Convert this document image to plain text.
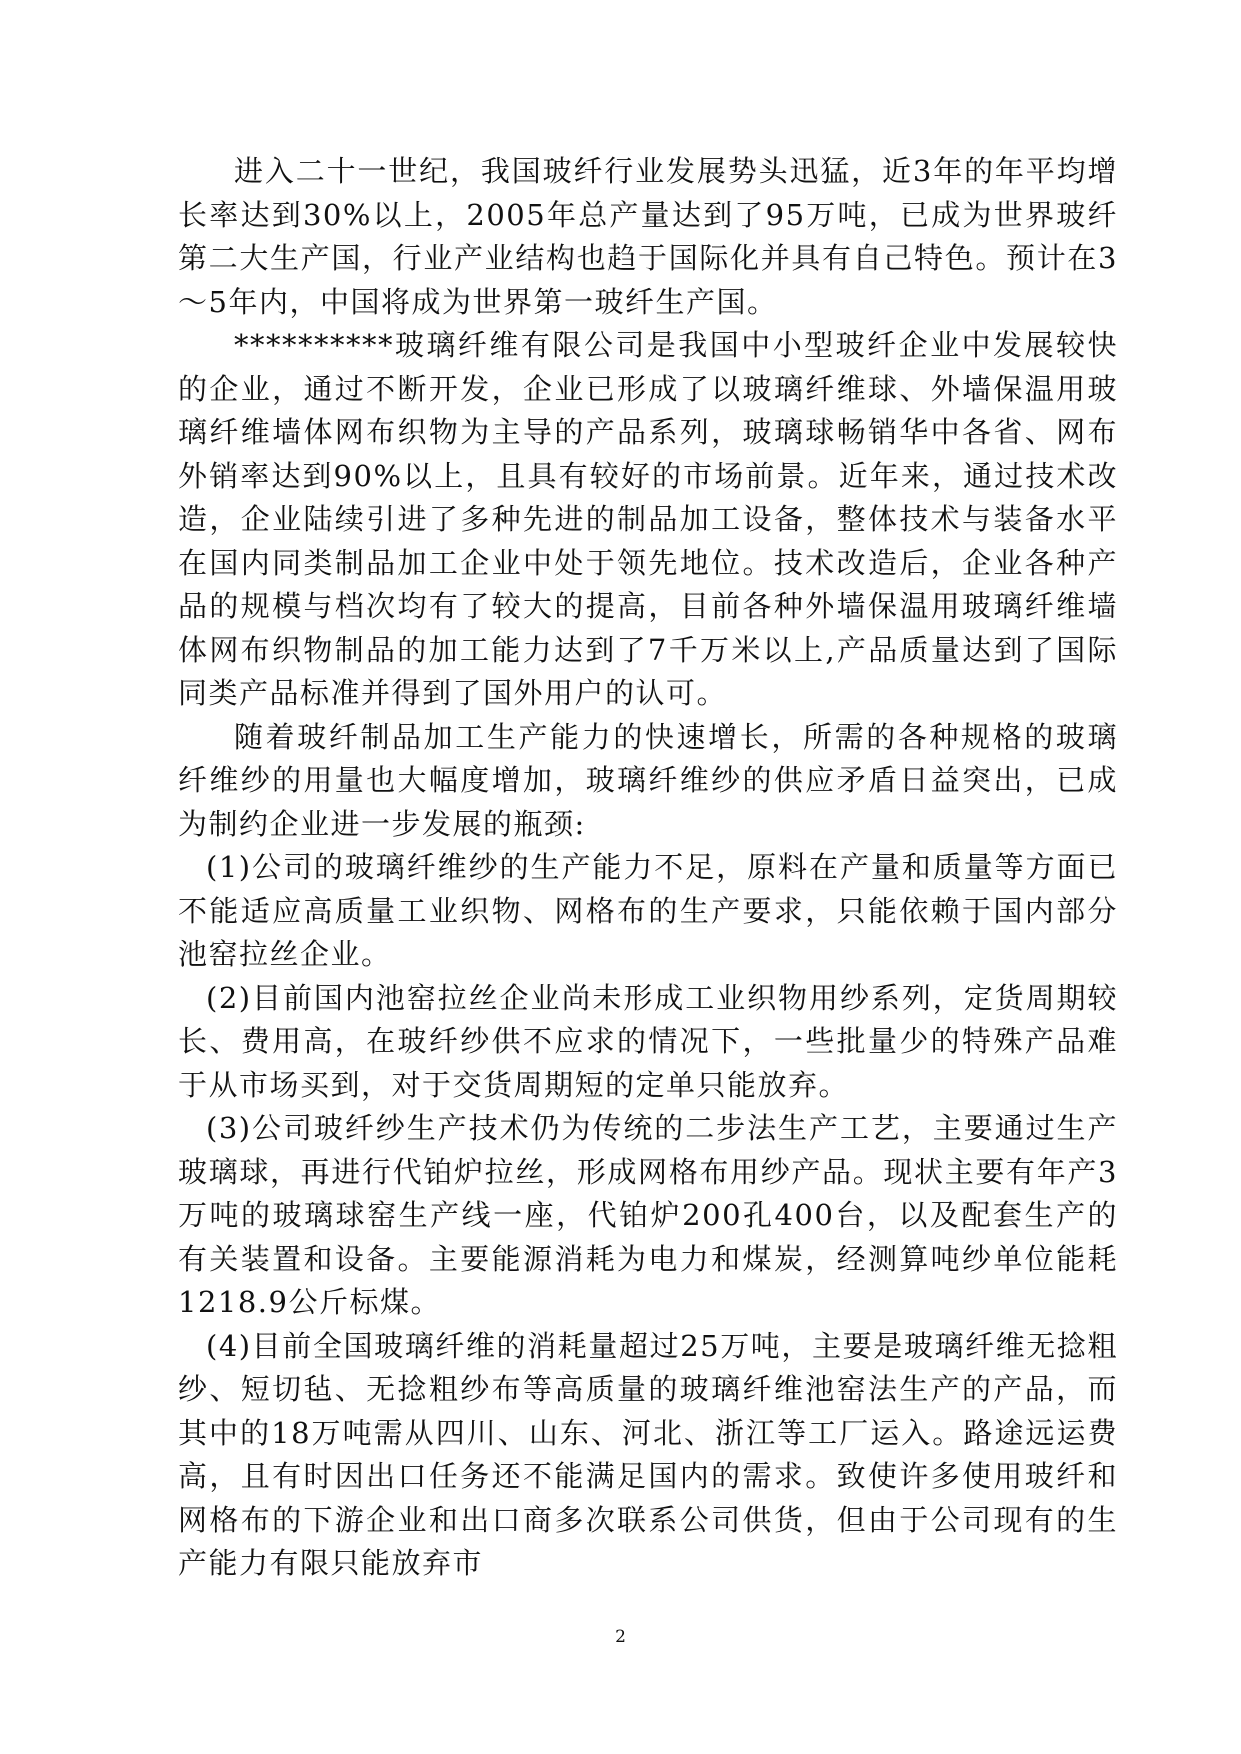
进入二十一世纪，我国玻纤行业发展势头迅猛，近3年的年平均增长率达到30%以上，2005年总产量达到了95万吨，已成为世界玻纤第二大生产国，行业产业结构也趋于国际化并具有自己特色。预计在3～5年内，中国将成为世界第一玻纤生产国。

**********玻璃纤维有限公司是我国中小型玻纤企业中发展较快的企业，通过不断开发，企业已形成了以玻璃纤维球、外墙保温用玻璃纤维墙体网布织物为主导的产品系列，玻璃球畅销华中各省、网布外销率达到90%以上，且具有较好的市场前景。近年来，通过技术改造，企业陆续引进了多种先进的制品加工设备，整体技术与装备水平在国内同类制品加工企业中处于领先地位。技术改造后，企业各种产品的规模与档次均有了较大的提高，目前各种外墙保温用玻璃纤维墙体网布织物制品的加工能力达到了7千万米以上,产品质量达到了国际同类产品标准并得到了国外用户的认可。

随着玻纤制品加工生产能力的快速增长，所需的各种规格的玻璃纤维纱的用量也大幅度增加，玻璃纤维纱的供应矛盾日益突出，已成为制约企业进一步发展的瓶颈:

(1)公司的玻璃纤维纱的生产能力不足，原料在产量和质量等方面已不能适应高质量工业织物、网格布的生产要求，只能依赖于国内部分池窑拉丝企业。

(2)目前国内池窑拉丝企业尚未形成工业织物用纱系列，定货周期较长、费用高，在玻纤纱供不应求的情况下，一些批量少的特殊产品难于从市场买到，对于交货周期短的定单只能放弃。

(3)公司玻纤纱生产技术仍为传统的二步法生产工艺，主要通过生产玻璃球，再进行代铂炉拉丝，形成网格布用纱产品。现状主要有年产3万吨的玻璃球窑生产线一座，代铂炉200孔400台，以及配套生产的有关装置和设备。主要能源消耗为电力和煤炭，经测算吨纱单位能耗1218.9公斤标煤。

(4)目前全国玻璃纤维的消耗量超过25万吨，主要是玻璃纤维无捻粗纱、短切毡、无捻粗纱布等高质量的玻璃纤维池窑法生产的产品，而其中的18万吨需从四川、山东、河北、浙江等工厂运入。路途远运费高，且有时因出口任务还不能满足国内的需求。致使许多使用玻纤和网格布的下游企业和出口商多次联系公司供货，但由于公司现有的生产能力有限只能放弃市

2
